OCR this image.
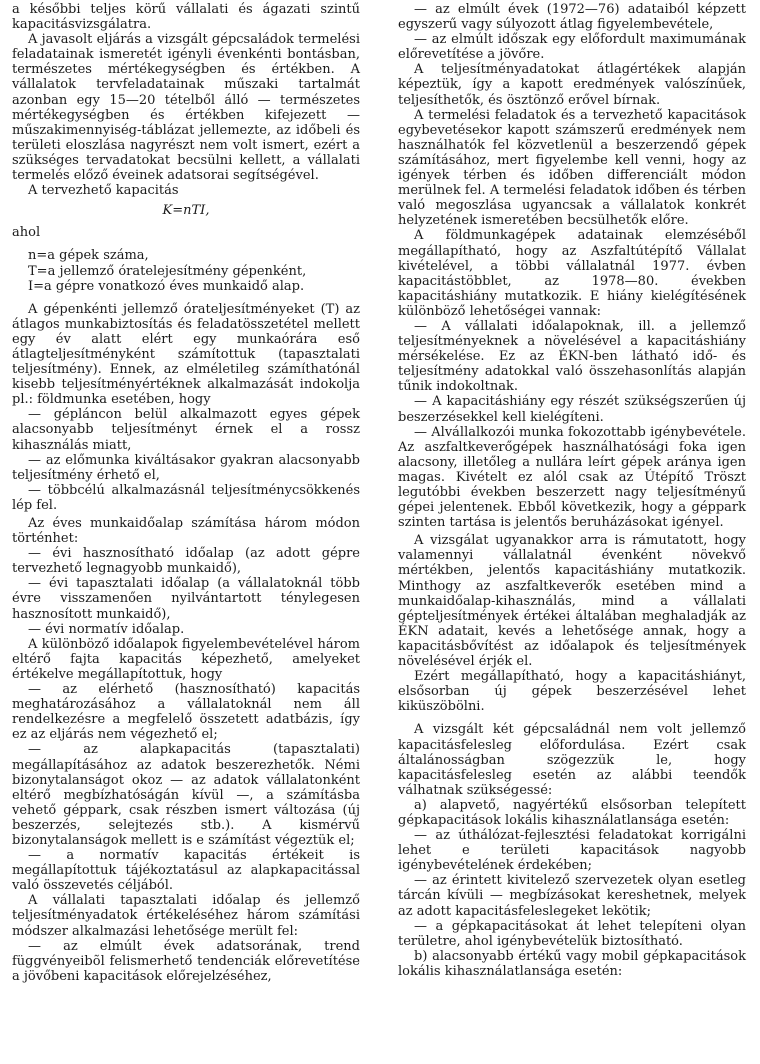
a későbbi teljes körű vállalati és ágazati szintű kapacitásvizsgálatra.

A javasolt eljárás a vizsgált gépcsaládok termelési feladatainak ismeretét igényli évenkénti bontásban, természetes mértékegységben és értékben. A vállalatok tervfeladatainak műszaki tartalmát azonban egy 15—20 tételből álló — természetes mértékegységben és értékben kifejezett — műszakimennyiség-táblázat jellemezte, az időbeli és területi eloszlása nagyrészt nem volt ismert, ezért a szükséges tervadatokat becsülni kellett, a vállalati termelés előző éveinek adatsorai segítségével.

A tervezhető kapacitás

K=nTI,

ahol

n=a gépek száma,

T=a jellemző óratelejesítmény gépenként,

I=a gépre vonatkozó éves munkaidő alap.

A gépenkénti jellemző órateljesítményeket (T) az átlagos munkabiztosítás és feladatösszetétel mellett egy év alatt elért egy munkaórára eső átlagteljesítményként számítottuk (tapasztalati teljesítmény). Ennek, az elméletileg számíthatónál kisebb teljesítményértéknek alkalmazását indokolja pl.: földmunka esetében, hogy

— gépláncon belül alkalmazott egyes gépek alacsonyabb teljesítményt érnek el a rossz kihasználás miatt,

— az előmunka kiváltásakor gyakran alacsonyabb teljesítmény érhető el,

— többcélú alkalmazásnál teljesítménycsökkenés lép fel.

Az éves munkaidőalap számítása három módon történhet:

— évi hasznosítható időalap (az adott gépre tervezhető legnagyobb munkaidő),

— évi tapasztalati időalap (a vállalatoknál több évre visszamenően nyilvántartott ténylegesen hasznosított munkaidő),

— évi normatív időalap.

A különböző időalapok figyelembevételével három eltérő fajta kapacitás képezhető, amelyeket értékelve megállapítottuk, hogy

— az elérhető (hasznosítható) kapacitás meghatározásához a vállalatoknál nem áll rendelkezésre a megfelelő összetett adatbázis, így ez az eljárás nem végezhető el;

— az alapkapacitás (tapasztalati) megállapításához az adatok beszerezhetők. Némi bizonytalanságot okoz — az adatok vállalatonként eltérő megbízhatóságán kívül —, a számításba vehető géppark, csak részben ismert változása (új beszerzés, selejtezés stb.). A kismérvű bizonytalanságok mellett is e számítást végeztük el;

— a normatív kapacitás értékeit is megállapítottuk tájékoztatásul az alapkapacitással való összevetés céljából.

A vállalati tapasztalati időalap és jellemző teljesítményadatok értékeléséhez három számítási módszer alkalmazási lehetősége merült fel:

— az elmúlt évek adatsorának, trend függvényeibõl felismerhető tendenciák előrevetítése a jövőbeni kapacitások előrejelzéséhez,

— az elmúlt évek (1972—76) adataiból képzett egyszerű vagy súlyozott átlag figyelembevétele,

— az elmúlt időszak egy előfordult maximumának előrevetítése a jövőre.

A teljesítményadatokat átlagértékek alapján képeztük, így a kapott eredmények valószínűek, teljesíthetők, és ösztönző erővel bírnak.

A termelési feladatok és a tervezhető kapacitások egybevetésekor kapott számszerű eredmények nem használhatók fel közvetlenül a beszerzendő gépek számításához, mert figyelembe kell venni, hogy az igények térben és időben differenciált módon merülnek fel. A termelési feladatok időben és térben való megoszlása ugyancsak a vállalatok konkrét helyzetének ismeretében becsülhetők előre.

A földmunkagépek adatainak elemzéséből megállapítható, hogy az Aszfaltútépítő Vállalat kivételével, a többi vállalatnál 1977. évben kapacitástöbblet, az 1978—80. években kapacitáshiány mutatkozik. E hiány kielégítésének különböző lehetőségei vannak:

— A vállalati időalapoknak, ill. a jellemző teljesítményeknek a növelésével a kapacitáshiány mérsékelése. Ez az ÉKN-ben látható idő- és teljesítmény adatokkal való összehasonlítás alapján tűnik indokoltnak.

— A kapacitáshiány egy részét szükségszerűen új beszerzésekkel kell kielégíteni.

— Alvállalkozói munka fokozottabb igénybevétele. Az aszfaltkeverőgépek használhatósági foka igen alacsony, illetőleg a nullára leírt gépek aránya igen magas. Kivételt ez alól csak az Útépítő Tröszt legutóbbi években beszerzett nagy teljesítményű gépei jelentenek. Ebből következik, hogy a géppark szinten tartása is jelentős beruházásokat igényel.

A vizsgálat ugyanakkor arra is rámutatott, hogy valamennyi vállalatnál évenként növekvő mértékben, jelentős kapacitáshiány mutatkozik. Minthogy az aszfaltkeverők esetében mind a munkaidőalap-kihasználás, mind a vállalati gépteljesítmények értékei általában meghaladják az ÉKN adatait, kevés a lehetősége annak, hogy a kapacitásbővítést az időalapok és teljesítmények növelésével érjék el.

Ezért megállapítható, hogy a kapacitáshiányt, elsősorban új gépek beszerzésével lehet kiküszöbölni.

A vizsgált két gépcsaládnál nem volt jellemző kapacitásfelesleg előfordulása. Ezért csak általánosságban szögezzük le, hogy kapacitásfelesleg esetén az alábbi teendők válhatnak szükségessé:

a) alapvető, nagyértékű elsősorban telepített gépkapacitások lokális kihasználatlansága esetén:

— az úthálózat-fejlesztési feladatokat korrigálni lehet e területi kapacitások nagyobb igénybevételének érdekében;

— az érintett kivitelező szervezetek olyan esetleg tárcán kívüli — megbízásokat kereshetnek, melyek az adott kapacitásfeleslegeket lekötik;

— a gépkapacitásokat át lehet telepíteni olyan területre, ahol igénybevételük biztosítható.

b) alacsonyabb értékű vagy mobil gépkapacitások lokális kihasználatlansága esetén:
